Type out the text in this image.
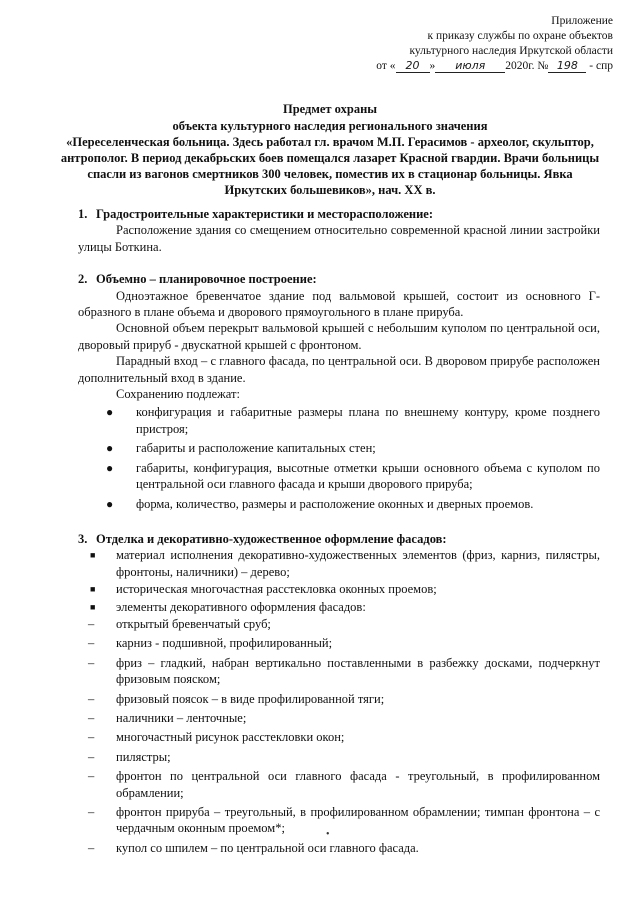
Приложение
к приказу службы по охране объектов
культурного наследия Иркутской области
от « 20 » июля 2020г. № 198 - спр
Предмет охраны
объекта культурного наследия регионального значения
«Переселенческая больница. Здесь работал гл. врачом М.П. Герасимов - археолог, скульптор, антрополог. В период декабрьских боев помещался лазарет Красной гвардии. Врачи больницы спасли из вагонов смертников 300 человек, поместив их в стационар больницы. Явка Иркутских большевиков», нач. XX в.
1. Градостроительные характеристики и месторасположение:

Расположение здания со смещением относительно современной красной линии застройки улицы Боткина.

2. Объемно – планировочное построение:

Одноэтажное бревенчатое здание под вальмовой крышей, состоит из основного Г-образного в плане объема и дворового прямоугольного в плане прируба.

Основной объем перекрыт вальмовой крышей с небольшим куполом по центральной оси, дворовый прируб - двускатной крышей с фронтоном.

Парадный вход – с главного фасада, по центральной оси. В дворовом прирубе расположен дополнительный вход в здание.

Сохранению подлежат:

● конфигурация и габаритные размеры плана по внешнему контуру, кроме позднего пристроя;
● габариты и расположение капитальных стен;
● габариты, конфигурация, высотные отметки крыши основного объема с куполом по центральной оси главного фасада и крыши дворового прируба;
● форма, количество, размеры и расположение оконных и дверных проемов.
3. Отделка и декоративно-художественное оформление фасадов:
■ материал исполнения декоративно-художественных элементов (фриз, карниз, пилястры, фронтоны, наличники) – дерево;
■ историческая многочастная расстекловка оконных проемов;
■ элементы декоративного оформления фасадов:
– открытый бревенчатый сруб;
– карниз - подшивной, профилированный;
– фриз – гладкий, набран вертикально поставленными в разбежку досками, подчеркнут фризовым пояском;
– фризовый поясок – в виде профилированной тяги;
– наличники – ленточные;
– многочастный рисунок расстекловки окон;
– пилястры;
– фронтон по центральной оси главного фасада - треугольный, в профилированном обрамлении;
– фронтон прируба – треугольный, в профилированном обрамлении; тимпан фронтона – с чердачным оконным проемом*;
– купол со шпилем – по центральной оси главного фасада.
•
